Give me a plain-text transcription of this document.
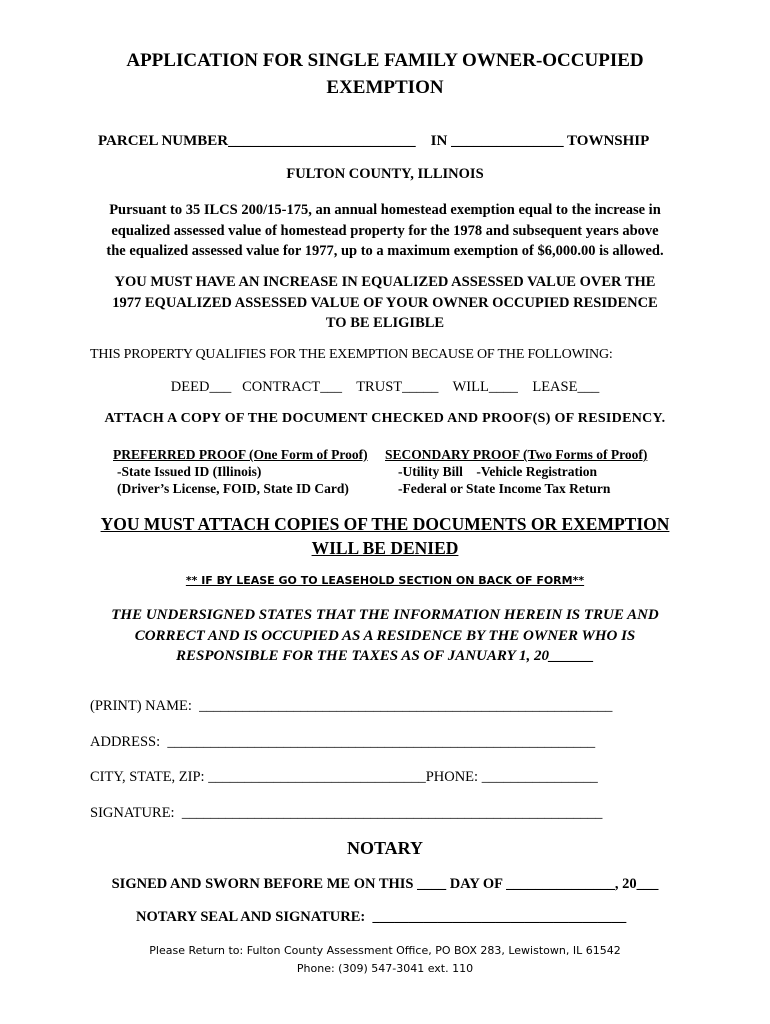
APPLICATION FOR SINGLE FAMILY OWNER-OCCUPIED
EXEMPTION
PARCEL NUMBER_________________________    IN _______________ TOWNSHIP
FULTON COUNTY, ILLINOIS
Pursuant to 35 ILCS 200/15-175, an annual homestead exemption equal to the increase in
equalized assessed value of homestead property for the 1978 and subsequent years above
the equalized assessed value for 1977, up to a maximum exemption of $6,000.00 is allowed.
YOU MUST HAVE AN INCREASE IN EQUALIZED ASSESSED VALUE OVER THE
1977 EQUALIZED ASSESSED VALUE OF YOUR OWNER OCCUPIED RESIDENCE
TO BE ELIGIBLE
THIS PROPERTY QUALIFIES FOR THE EXEMPTION BECAUSE OF THE FOLLOWING:
DEED___   CONTRACT___    TRUST_____    WILL____    LEASE___
ATTACH A COPY OF THE DOCUMENT CHECKED AND PROOF(S) OF RESIDENCY.
PREFERRED PROOF (One Form of Proof)
-State Issued ID (Illinois)
(Driver’s License, FOID, State ID Card)
SECONDARY PROOF (Two Forms of Proof)
-Utility Bill    -Vehicle Registration
-Federal or State Income Tax Return
YOU MUST ATTACH COPIES OF THE DOCUMENTS OR EXEMPTION
WILL BE DENIED
** IF BY LEASE GO TO LEASEHOLD SECTION ON BACK OF FORM**
THE UNDERSIGNED STATES THAT THE INFORMATION HEREIN IS TRUE AND
CORRECT AND IS OCCUPIED AS A RESIDENCE BY THE OWNER WHO IS
RESPONSIBLE FOR THE TAXES AS OF JANUARY 1, 20______
(PRINT) NAME:  _________________________________________________________
ADDRESS:  ___________________________________________________________
CITY, STATE, ZIP: ______________________________PHONE: ________________
SIGNATURE:  __________________________________________________________
NOTARY
SIGNED AND SWORN BEFORE ME ON THIS ____ DAY OF _______________, 20___
NOTARY SEAL AND SIGNATURE:  ___________________________________
Please Return to: Fulton County Assessment Office, PO BOX 283, Lewistown, IL 61542
Phone: (309) 547-3041 ext. 110
